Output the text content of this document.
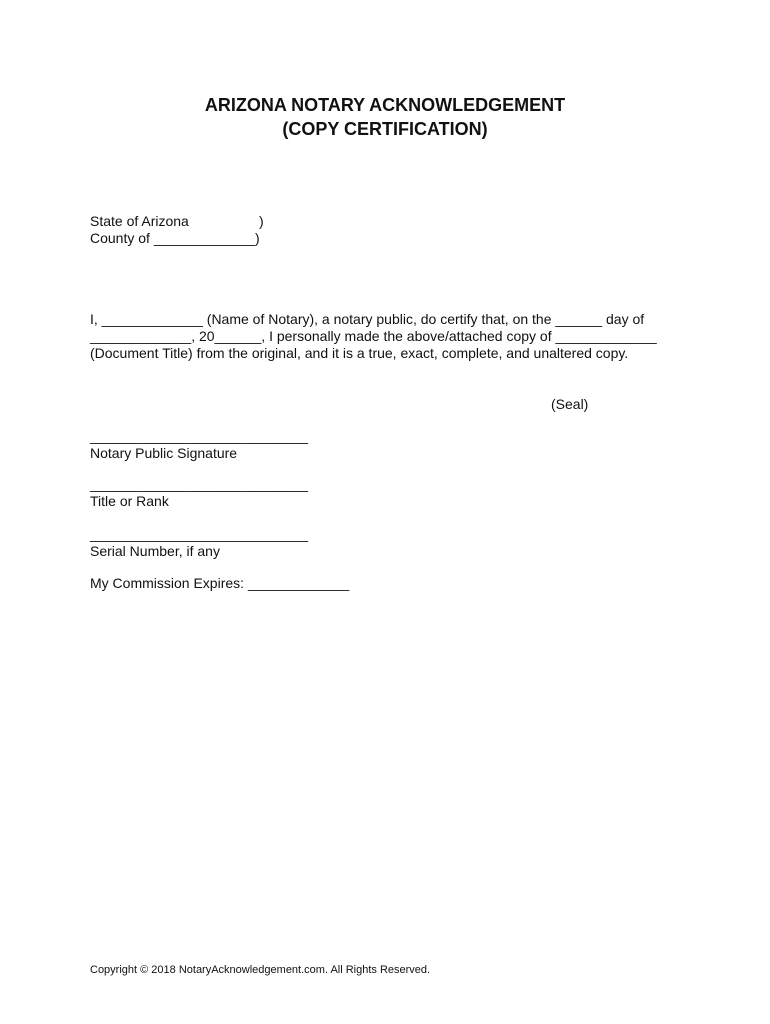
ARIZONA NOTARY ACKNOWLEDGEMENT
(COPY CERTIFICATION)
State of Arizona	)
County of _____________)
I, _____________ (Name of Notary), a notary public, do certify that, on the ______ day of
_____________, 20______, I personally made the above/attached copy of _____________
(Document Title) from the original, and it is a true, exact, complete, and unaltered copy.
(Seal)
____________________________
Notary Public Signature
____________________________
Title or Rank
____________________________
Serial Number, if any
My Commission Expires: _____________
Copyright © 2018 NotaryAcknowledgement.com. All Rights Reserved.
